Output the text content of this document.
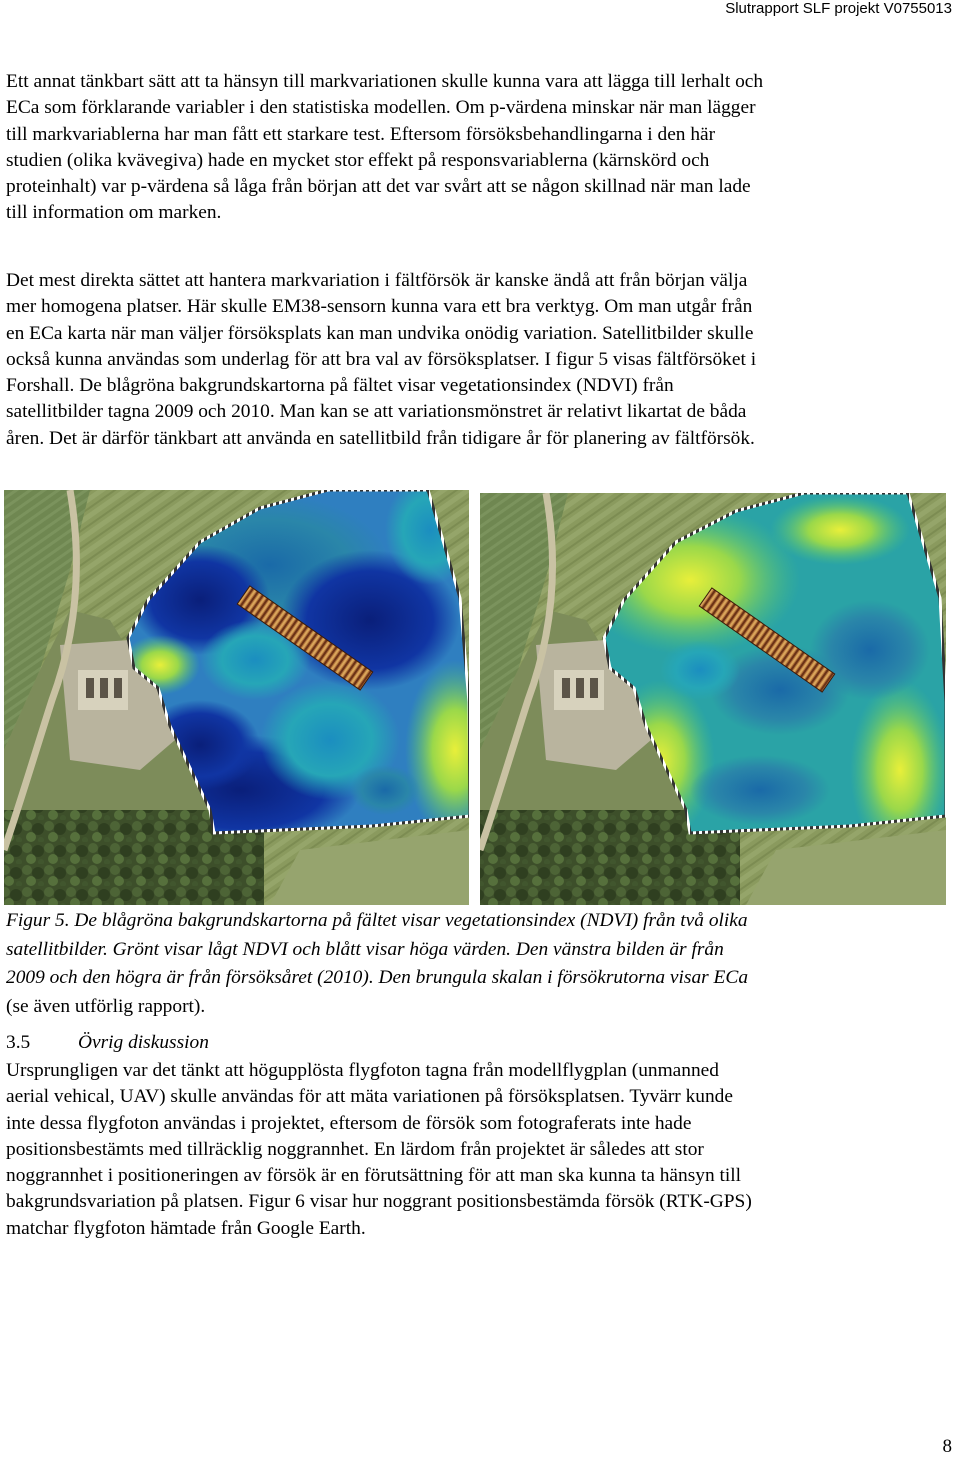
Slutrapport SLF projekt V0755013
Ett annat tänkbart sätt att ta hänsyn till markvariationen skulle kunna vara att lägga till lerhalt och
ECa som förklarande variabler i den statistiska modellen. Om p-värdena minskar när man lägger
till markvariablerna har man fått ett starkare test. Eftersom försöksbehandlingarna i den här
studien (olika kvävegiva) hade en mycket stor effekt på responsvariablerna (kärnskörd och
proteinhalt) var p-värdena så låga från början att det var svårt att se någon skillnad när man lade
till information om marken.
Det mest direkta sättet att hantera markvariation i fältförsök är kanske ändå att från början välja
mer homogena platser. Här skulle EM38-sensorn kunna vara ett bra verktyg. Om man utgår från
en ECa karta när man väljer försöksplats kan man undvika onödig variation. Satellitbilder skulle
också kunna användas som underlag för att bra val av försöksplatser. I figur 5 visas fältförsöket i
Forshall. De blågröna bakgrundskartorna på fältet visar vegetationsindex (NDVI) från
satellitbilder tagna 2009 och 2010. Man kan se att variationsmönstret är relativt likartat de båda
åren. Det är därför tänkbart att använda en satellitbild från tidigare år för planering av fältförsök.
Figur 5. De blågröna bakgrundskartorna på fältet visar vegetationsindex (NDVI) från två olika
satellitbilder. Grönt visar lågt NDVI och blått visar höga värden. Den vänstra bilden är från
2009 och den högra är från försöksåret (2010). Den brungula skalan i försökrutorna visar ECa
(se även utförlig rapport).
3.5 Övrig diskussion
Ursprungligen var det tänkt att högupplösta flygfoton tagna från modellflygplan (unmanned
aerial vehical, UAV) skulle användas för att mäta variationen på försöksplatsen. Tyvärr kunde
inte dessa flygfoton användas i projektet, eftersom de försök som fotograferats inte hade
positionsbestämts med tillräcklig noggrannhet. En lärdom från projektet är således att stor
noggrannhet i positioneringen av försök är en förutsättning för att man ska kunna ta hänsyn till
bakgrundsvariation på platsen. Figur 6 visar hur noggrant positionsbestämda försök (RTK-GPS)
matchar flygfoton hämtade från Google Earth.
8
